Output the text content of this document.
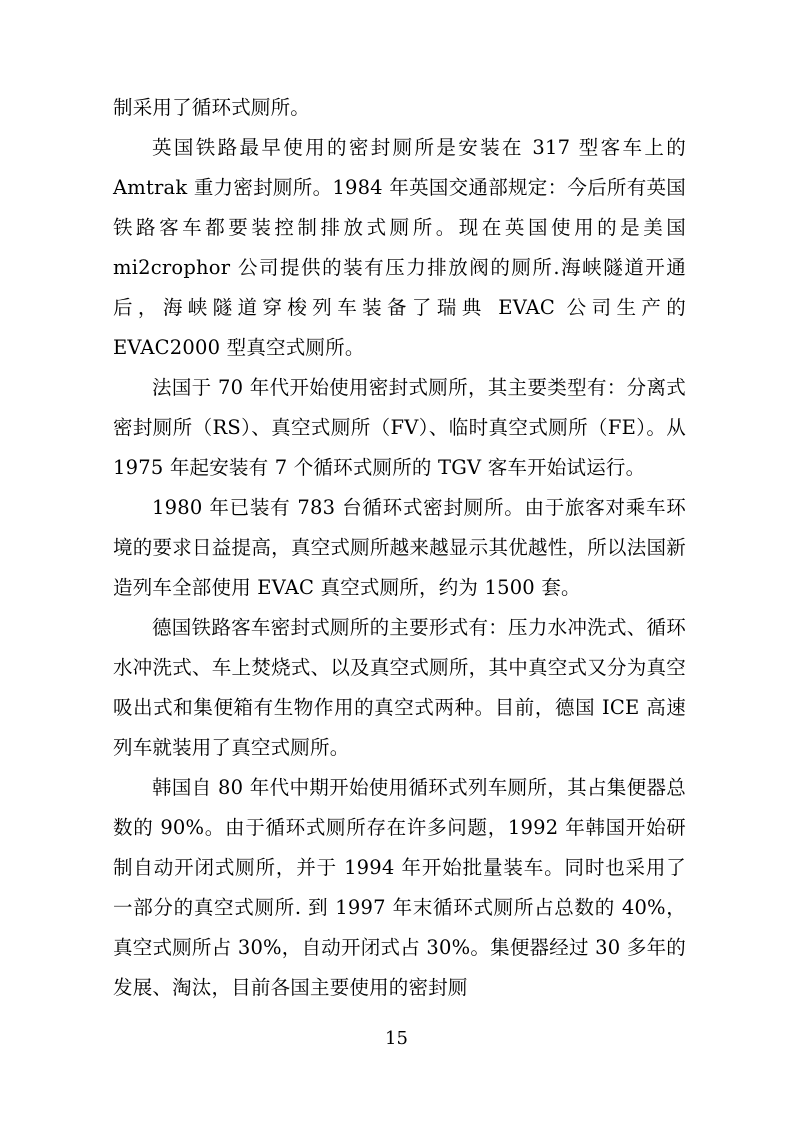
制采用了循环式厕所。

英国铁路最早使用的密封厕所是安装在 317 型客车上的 Amtrak 重力密封厕所。1984 年英国交通部规定：今后所有英国铁路客车都要装控制排放式厕所。现在英国使用的是美国 mi2crophor 公司提供的装有压力排放阀的厕所.海峡隧道开通后，海峡隧道穿梭列车装备了瑞典 EVAC 公司生产的 EVAC2000 型真空式厕所。

法国于 70 年代开始使用密封式厕所，其主要类型有：分离式密封厕所（RS）、真空式厕所（FV）、临时真空式厕所（FE）。从 1975 年起安装有 7 个循环式厕所的 TGV 客车开始试运行。

1980 年已装有 783 台循环式密封厕所。由于旅客对乘车环境的要求日益提高，真空式厕所越来越显示其优越性，所以法国新造列车全部使用 EVAC 真空式厕所，约为 1500 套。

德国铁路客车密封式厕所的主要形式有：压力水冲洗式、循环水冲洗式、车上焚烧式、以及真空式厕所，其中真空式又分为真空吸出式和集便箱有生物作用的真空式两种。目前，德国 ICE 高速列车就装用了真空式厕所。

韩国自 80 年代中期开始使用循环式列车厕所，其占集便器总数的 90%。由于循环式厕所存在许多问题，1992 年韩国开始研制自动开闭式厕所，并于 1994 年开始批量装车。同时也采用了一部分的真空式厕所. 到 1997 年末循环式厕所占总数的 40%，真空式厕所占 30%，自动开闭式占 30%。集便器经过 30 多年的发展、淘汰，目前各国主要使用的密封厕

15
